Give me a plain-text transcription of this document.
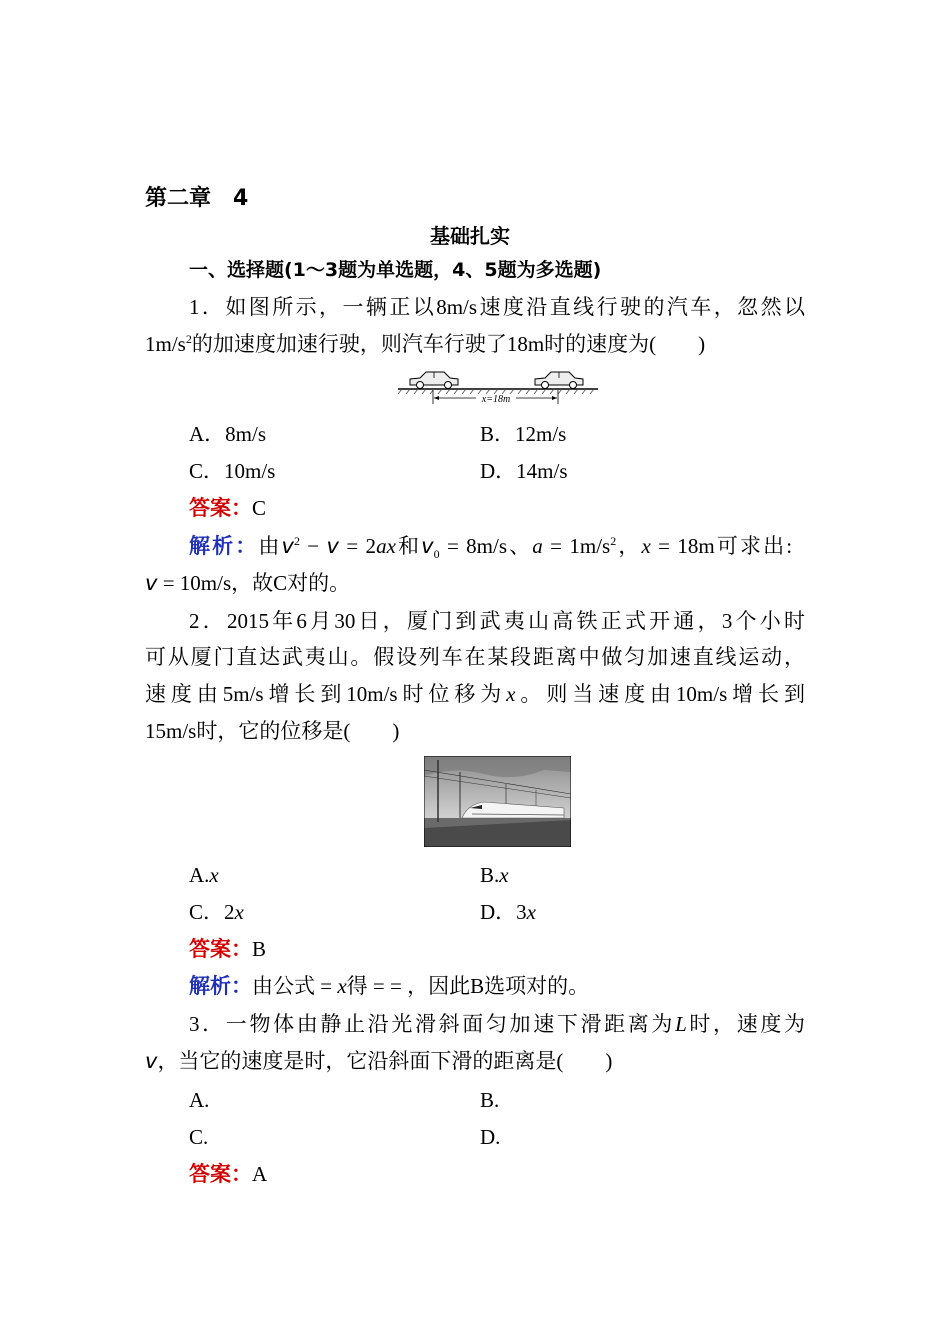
第二章　4
基础扎实
一、选择题(1～3题为单选题，4、5题为多选题)
1．如图所示，一辆正以8m/s速度沿直线行驶的汽车，忽然以
$1m/s^2$的加速度加速行驶，则汽车行驶了18m时的速度为(　　)
x=18m
A．8m/s	B．12m/s
C．10m/s	D．14m/s
答案：C
解析：由$v^2 - v = 2ax$和$v_0 = 8m/s$、$a = 1m/s^2$，x = 18m可求出:
v = 10m/s，故C对的。
2．2015年6月30日，厦门到武夷山高铁正式开通，3个小时
可从厦门直达武夷山。假设列车在某段距离中做匀加速直线运动，
速度由5m/s增长到10m/s时位移为x。则当速度由10m/s增长到
15m/s时，它的位移是(　　)
A.x	B.x
C．2x	D．3x
答案：B
解析：由公式 = x得 = = ，因此B选项对的。
3．一物体由静止沿光滑斜面匀加速下滑距离为L时，速度为
v，当它的速度是时，它沿斜面下滑的距离是(　　)
A.	B.
C.	D.
答案：A
